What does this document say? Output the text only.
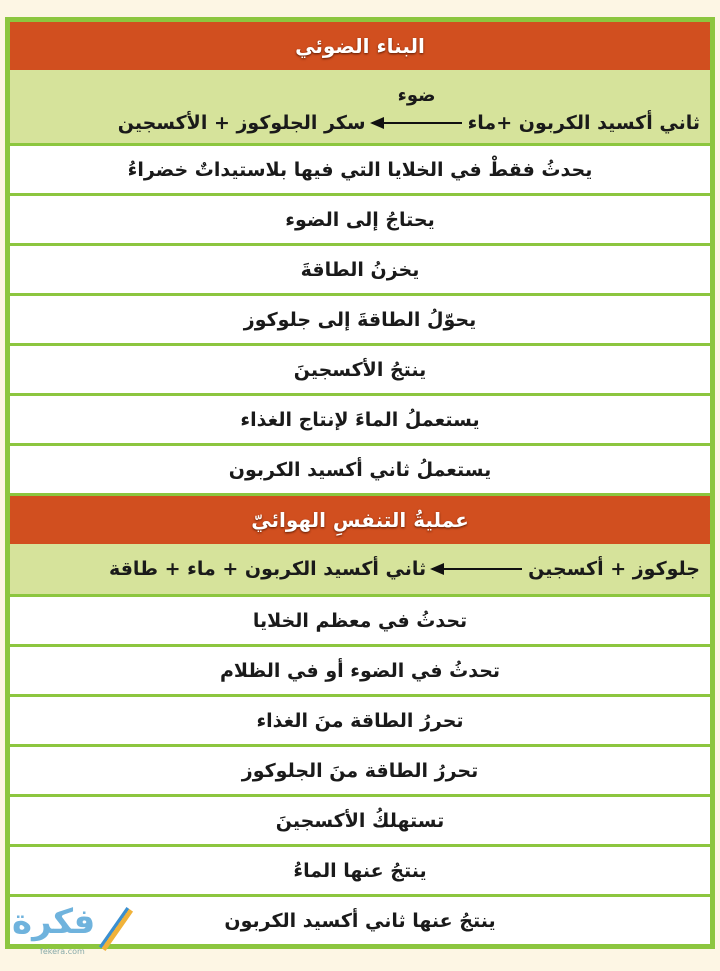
البناء الضوئي
ثاني أكسيد الكربون +ماء
ضوء
سكر الجلوكوز + الأكسجين
يحدثُ فقطْ في الخلايا التي فيها بلاستيداتٌ خضراءُ
يحتاجُ إلى الضوء
يخزنُ الطاقةَ
يحوّلُ الطاقةَ إلى جلوكوز
ينتجُ الأكسجينَ
يستعملُ الماءَ لإنتاج الغذاء
يستعملُ ثاني أكسيد الكربون
عمليةُ التنفسِ الهوائيّ
جلوكوز + أكسجين
ثاني أكسيد الكربون + ماء + طاقة
تحدثُ في معظم الخلايا
تحدثُ في الضوء أو في الظلام
تحررُ الطاقة منَ الغذاء
تحررُ الطاقة منَ الجلوكوز
تستهلكُ الأكسجينَ
ينتجُ عنها الماءُ
ينتجُ عنها ثاني أكسيد الكربون
فكرة
fekera.com
